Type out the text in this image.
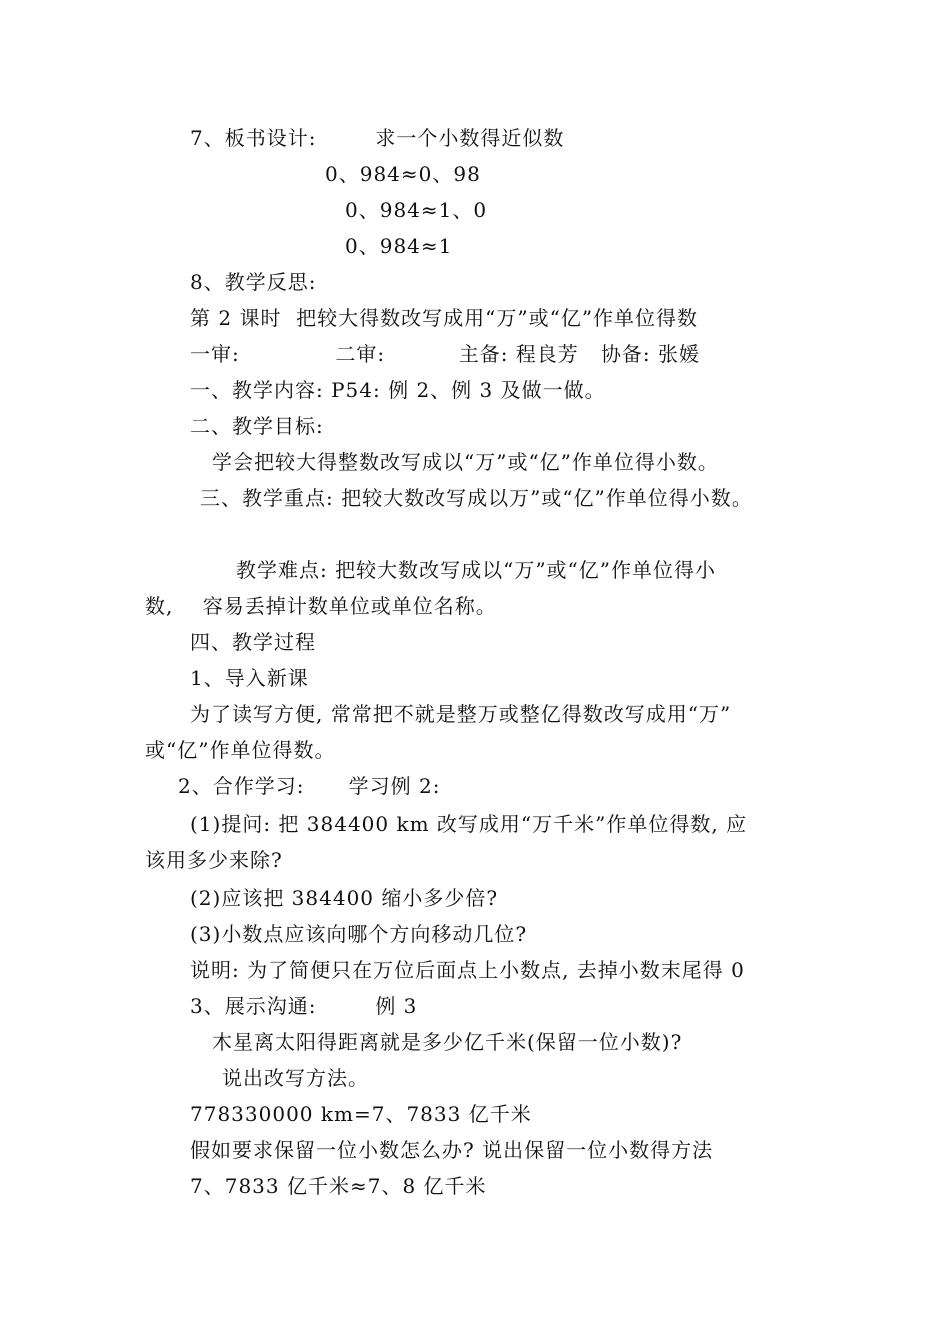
7、板书设计:        求一个小数得近似数
0、984≈0、98
0、984≈1、0
0、984≈1
8、教学反思:
第 2 课时  把较大得数改写成用“万”或“亿”作单位得数
一审:             二审:          主备: 程良芳   协备: 张媛
一、教学内容: P54: 例 2、例 3 及做一做。
二、教学目标:
学会把较大得整数改写成以“万”或“亿”作单位得小数。
三、教学重点: 把较大数改写成以万”或“亿”作单位得小数。
教学难点: 把较大数改写成以“万”或“亿”作单位得小
数,    容易丢掉计数单位或单位名称。
四、教学过程
1、导入新课
为了读写方便, 常常把不就是整万或整亿得数改写成用“万”
或“亿”作单位得数。
2、合作学习:      学习例 2:
(1)提问: 把 384400 km 改写成用“万千米”作单位得数, 应
该用多少来除?
(2)应该把 384400 缩小多少倍?
(3)小数点应该向哪个方向移动几位?
说明: 为了简便只在万位后面点上小数点, 去掉小数末尾得 0
3、展示沟通:        例 3
木星离太阳得距离就是多少亿千米(保留一位小数)?
说出改写方法。
778330000 km=7、7833 亿千米
假如要求保留一位小数怎么办? 说出保留一位小数得方法
7、7833 亿千米≈7、8 亿千米
